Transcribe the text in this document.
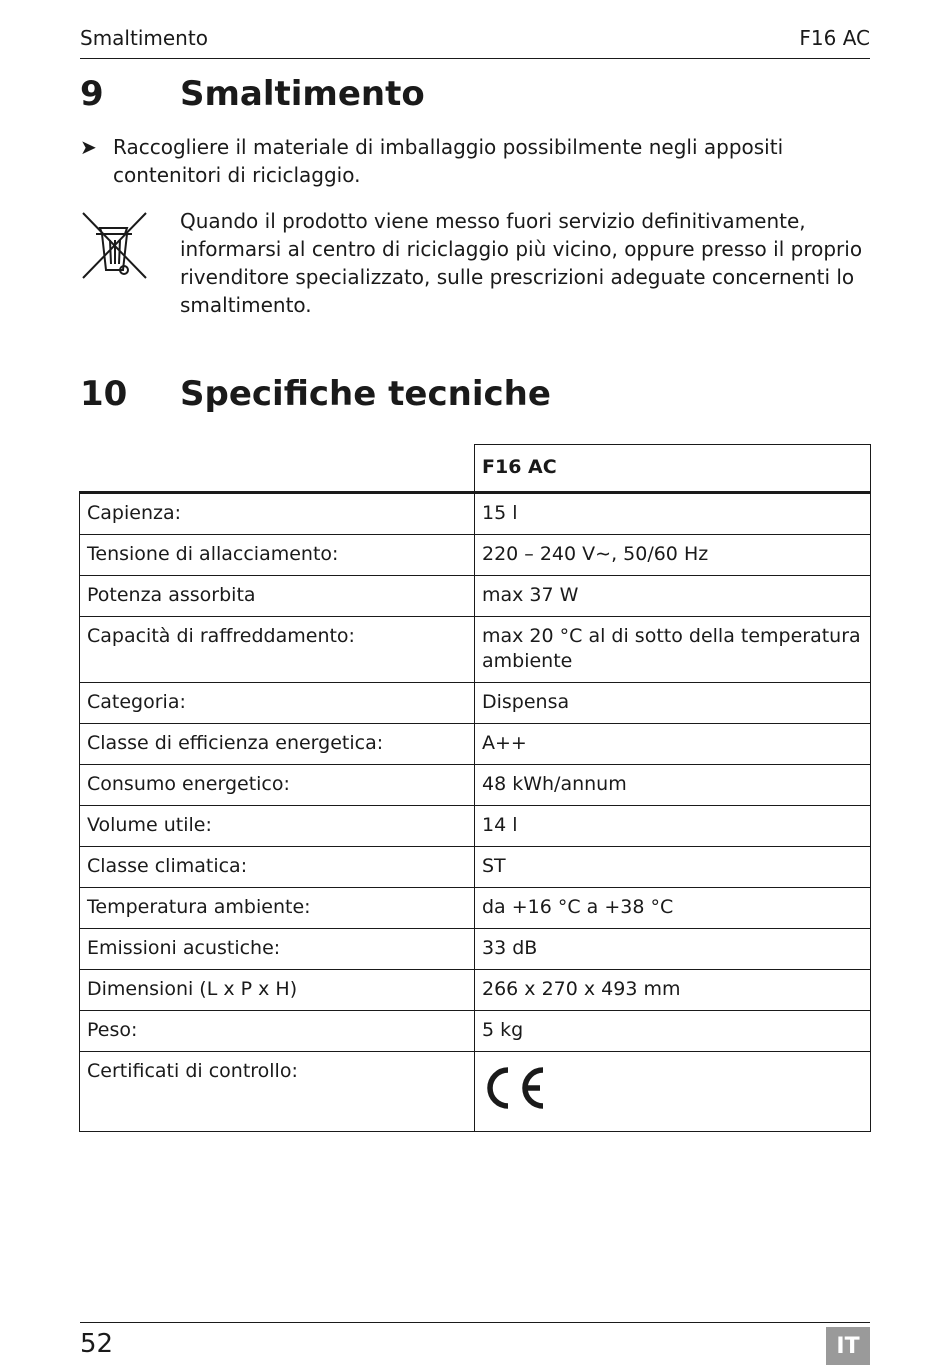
Smaltimento	F16 AC
9	Smaltimento
➤ Raccogliere il materiale di imballaggio possibilmente negli appositi contenitori di riciclaggio.
Quando il prodotto viene messo fuori servizio definitivamente, informarsi al centro di riciclaggio più vicino, oppure presso il proprio rivenditore specializzato, sulle prescrizioni adeguate concernenti lo smaltimento.
10	Specifiche tecniche
	F16 AC
Capienza:	15 l
Tensione di allacciamento:	220 – 240 V∼, 50/60 Hz
Potenza assorbita	max 37 W
Capacità di raffreddamento:	max 20 °C al di sotto della temperatura ambiente
Categoria:	Dispensa
Classe di efficienza energetica:	A++
Consumo energetico:	48 kWh/annum
Volume utile:	14 l
Classe climatica:	ST
Temperatura ambiente:	da +16 °C a +38 °C
Emissioni acustiche:	33 dB
Dimensioni (L x P x H)	266 x 270 x 493 mm
Peso:	5 kg
Certificati di controllo:	
52	IT
